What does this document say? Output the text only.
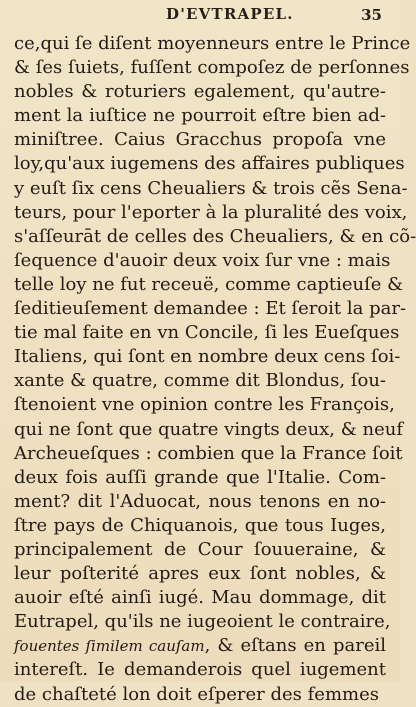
D'EVTRAPEL.	35
ce,qui ſe diſent moyenneurs entre le Prince
& ſes ſuiets, fuſſent compoſez de perſonnes
nobles & roturiers egalement, qu'autre-
ment la iuſtice ne pourroit eſtre bien ad-
miniſtree. Caius Gracchus propoſa vne
loy,qu'aux iugemens des affaires publiques
y euſt ſix cens Cheualiers & trois cẽs Sena-
teurs, pour l'eporter à la pluralité des voix,
s'aſſeurāt de celles des Cheualiers, & en cõ-
ſequence d'auoir deux voix ſur vne : mais
telle loy ne fut receuë, comme captieuſe &
ſeditieuſement demandee : Et ſeroit la par-
tie mal faite en vn Concile, ſi les Eueſques
Italiens, qui ſont en nombre deux cens ſoi-
xante & quatre, comme dit Blondus, ſou-
ſtenoient vne opinion contre les François,
qui ne ſont que quatre vingts deux, & neuf
Archeueſques : combien que la France ſoit
deux fois auſſi grande que l'Italie. Com-
ment? dit l'Aduocat, nous tenons en no-
ſtre pays de Chiquanois, que tous Iuges,
principalement de Cour ſouueraine, &
leur poſterité apres eux ſont nobles, &
auoir eſté ainſi iugé. Mau dommage, dit
Eutrapel, qu'ils ne iugeoient le contraire,
fouentes ſimilem cauſam, & eſtans en pareil
intereſt. Ie demanderois quel iugement
de chaſteté lon doit eſperer des femmes
